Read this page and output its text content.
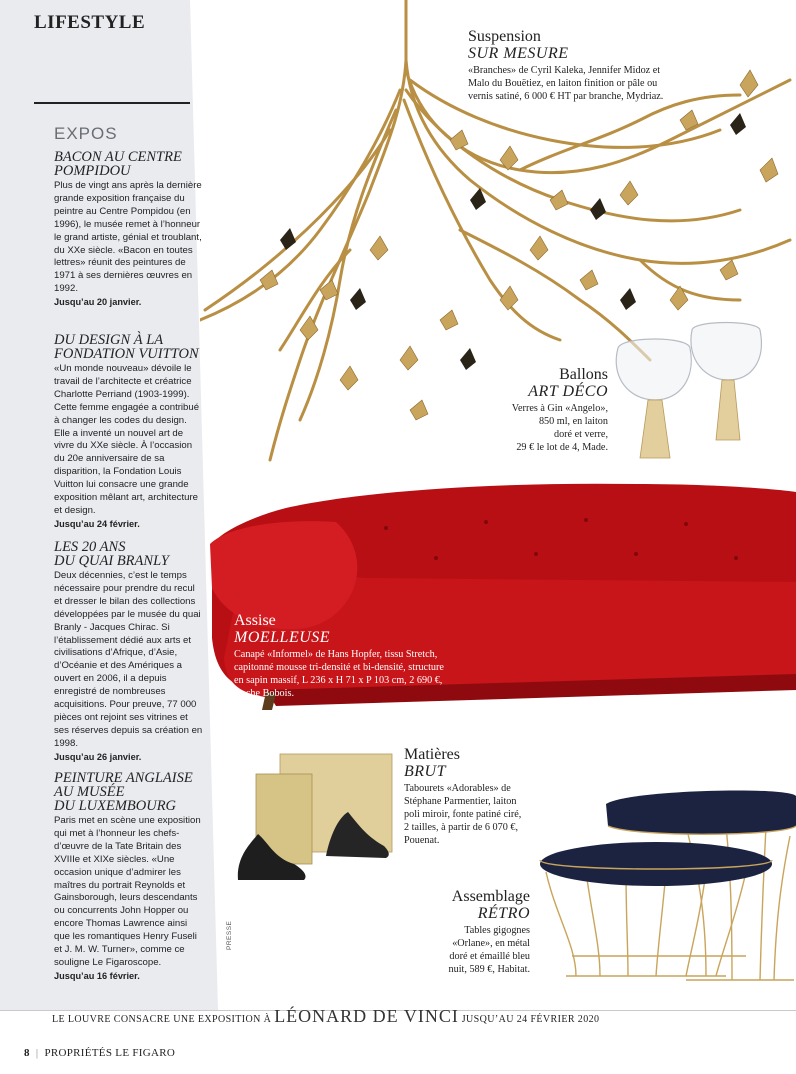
LIFESTYLE
EXPOS
BACON AU CENTRE
POMPIDOU
Plus de vingt ans après la dernière grande exposition française du peintre au Centre Pompidou (en 1996), le musée remet à l’honneur le grand artiste, génial et troublant, du XXe siècle. «Bacon en toutes lettres» réunit des peintures de 1971 à ses dernières œuvres en 1992.
Jusqu’au 20 janvier.
DU DESIGN À LA
FONDATION VUITTON
«Un monde nouveau» dévoile le travail de l’architecte et créatrice Charlotte Perriand (1903-1999). Cette femme engagée a contribué à changer les codes du design. Elle a inventé un nouvel art de vivre du XXe siècle. À l’occasion du 20e anniversaire de sa disparition, la Fondation Louis Vuitton lui consacre une grande exposition mêlant art, architecture et design.
Jusqu’au 24 février.
LES 20 ANS
DU QUAI BRANLY
Deux décennies, c’est le temps nécessaire pour prendre du recul et dresser le bilan des collections développées par le musée du quai Branly - Jacques Chirac. Si l’établissement dédié aux arts et civilisations d’Afrique, d’Asie, d’Océanie et des Amériques a ouvert en 2006, il a depuis enregistré de nombreuses acquisitions. Pour preuve, 77 000 pièces ont rejoint ses vitrines et ses réserves depuis sa création en 1998.
Jusqu’au 26 janvier.
PEINTURE ANGLAISE
AU MUSÉE
DU LUXEMBOURG
Paris met en scène une exposition qui met à l’honneur les chefs-d’œuvre de la Tate Britain des XVIIIe et XIXe siècles. «Une occasion unique d’admirer les maîtres du portrait Reynolds et Gainsborough, leurs descendants ou concurrents John Hopper ou encore Thomas Lawrence ainsi que les romantiques Henry Fuseli et J. M. W. Turner», comme ce souligne Le Figaroscope.
Jusqu’au 16 février.
Suspension
SUR MESURE
«Branches» de Cyril Kaleka, Jennifer Midoz et Malo du Bouëtiez, en laiton finition or pâle ou vernis satiné, 6 000 € HT par branche, Mydriaz.
Ballons
ART DÉCO
Verres à Gin «Angelo»,
850 ml, en laiton
doré et verre,
29 € le lot de 4, Made.
Assise
MOELLEUSE
Canapé «Informel» de Hans Hopfer, tissu Stretch, capitonné mousse tri-densité et bi-densité, structure en sapin massif, L 236 x H 71 x P 103 cm, 2 690 €, Roche Bobois.
Matières
BRUT
Tabourets «Adorables» de Stéphane Parmentier, laiton poli miroir, fonte patiné ciré, 2 tailles, à partir de 6 070 €, Pouenat.
Assemblage
RÉTRO
Tables gigognes
«Orlane», en métal
doré et émaillé bleu
nuit, 589 €, Habitat.
PRESSE
LE LOUVRE CONSACRE UNE EXPOSITION À LÉONARD DE VINCI JUSQU’AU 24 FÉVRIER 2020
8 | PROPRIÉTÉS LE FIGARO
